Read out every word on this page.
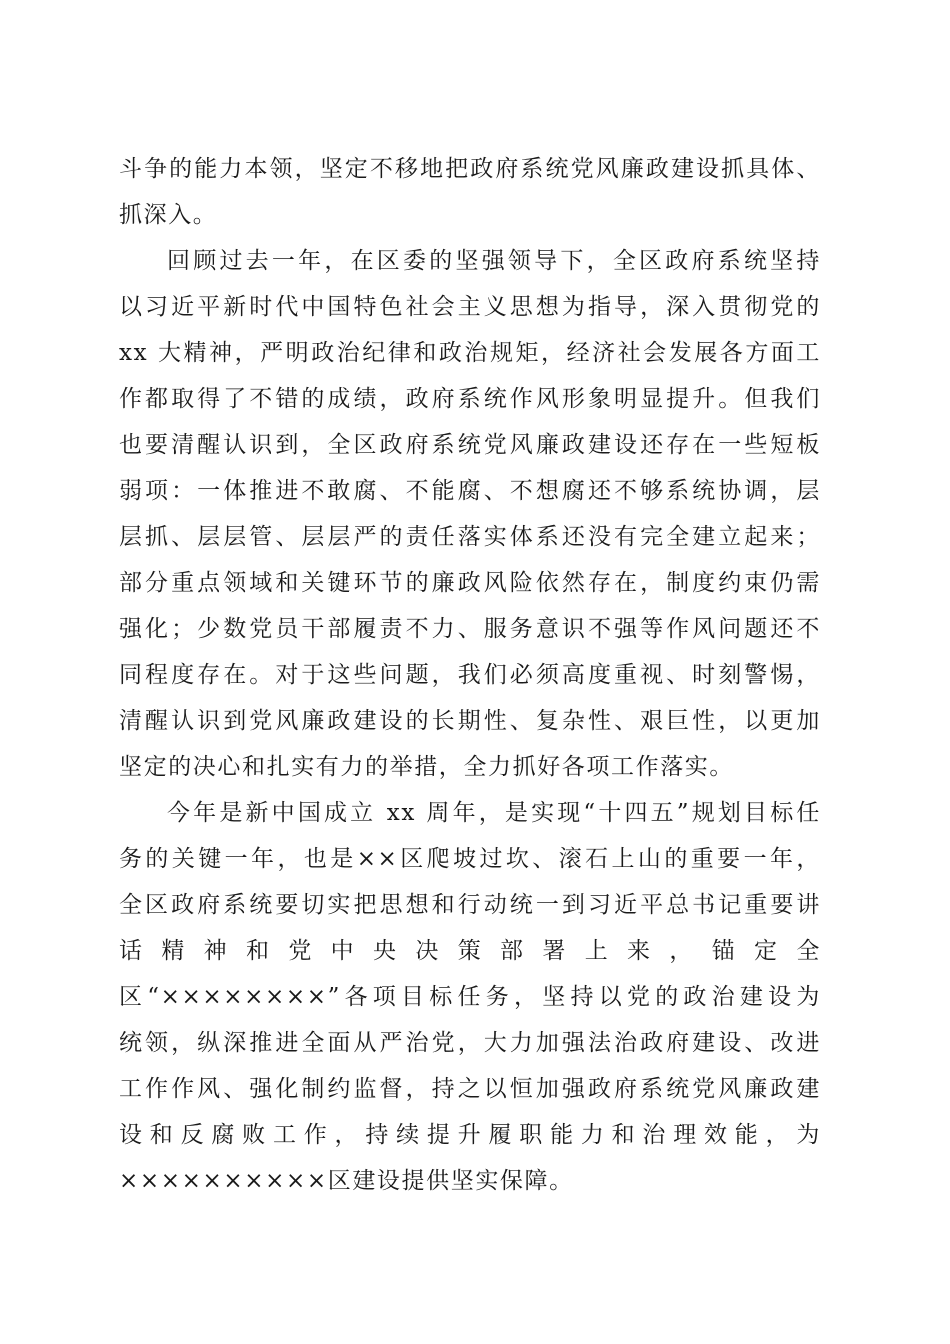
斗争的能力本领，坚定不移地把政府系统党风廉政建设抓具体、

抓深入。

回顾过去一年，在区委的坚强领导下，全区政府系统坚持

以习近平新时代中国特色社会主义思想为指导，深入贯彻党的

xx 大精神，严明政治纪律和政治规矩，经济社会发展各方面工

作都取得了不错的成绩，政府系统作风形象明显提升。但我们

也要清醒认识到，全区政府系统党风廉政建设还存在一些短板

弱项：一体推进不敢腐、不能腐、不想腐还不够系统协调，层

层抓、层层管、层层严的责任落实体系还没有完全建立起来；

部分重点领域和关键环节的廉政风险依然存在，制度约束仍需

强化；少数党员干部履责不力、服务意识不强等作风问题还不

同程度存在。对于这些问题，我们必须高度重视、时刻警惕，

清醒认识到党风廉政建设的长期性、复杂性、艰巨性，以更加

坚定的决心和扎实有力的举措，全力抓好各项工作落实。

今年是新中国成立 xx 周年，是实现“十四五”规划目标任

务的关键一年，也是××区爬坡过坎、滚石上山的重要一年，

全区政府系统要切实把思想和行动统一到习近平总书记重要讲

话精神和党中央决策部署上来，锚定全

区“××××××××”各项目标任务，坚持以党的政治建设为

统领，纵深推进全面从严治党，大力加强法治政府建设、改进

工作作风、强化制约监督，持之以恒加强政府系统党风廉政建

设和反腐败工作，持续提升履职能力和治理效能，为

××××××××××区建设提供坚实保障。
